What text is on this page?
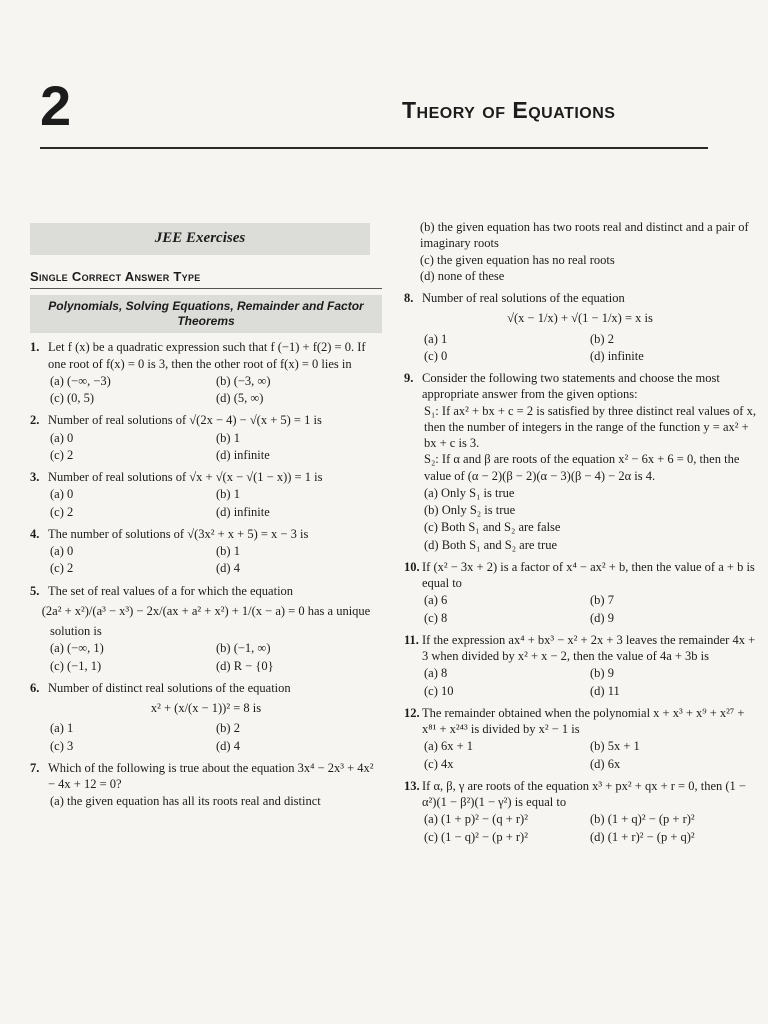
2	Theory of Equations
JEE Exercises
Single Correct Answer Type
Polynomials, Solving Equations, Remainder and Factor Theorems
1. Let f (x) be a quadratic expression such that f (−1) + f(2) = 0. If one root of f(x) = 0 is 3, then the other root of f(x) = 0 lies in
(a) (−∞, −3)	(b) (−3, ∞)
(c) (0, 5)	(d) (5, ∞)
2. Number of real solutions of √(2x − 4) − √(x + 5) = 1 is
(a) 0	(b) 1
(c) 2	(d) infinite
3. Number of real solutions of √x + √(x − √(1 − x)) = 1 is
(a) 0	(b) 1
(c) 2	(d) infinite
4. The number of solutions of √(3x² + x + 5) = x − 3 is
(a) 0	(b) 1
(c) 2	(d) 4
5. The set of real values of a for which the equation
(2a² + x²)/(a³ − x³) − 2x/(ax + a² + x²) + 1/(x − a) = 0 has a unique
solution is
(a) (−∞, 1)	(b) (−1, ∞)
(c) (−1, 1)	(d) R − {0}
6. Number of distinct real solutions of the equation
x² + (x/(x − 1))² = 8 is
(a) 1	(b) 2
(c) 3	(d) 4
7. Which of the following is true about the equation 3x⁴ − 2x³ + 4x² − 4x + 12 = 0?
(a) the given equation has all its roots real and distinct
(b) the given equation has two roots real and distinct and a pair of imaginary roots
(c) the given equation has no real roots
(d) none of these
8. Number of real solutions of the equation
√(x − 1/x) + √(1 − 1/x) = x is
(a) 1	(b) 2
(c) 0	(d) infinite
9. Consider the following two statements and choose the most appropriate answer from the given options:
S₁: If ax² + bx + c = 2 is satisfied by three distinct real values of x, then the number of integers in the range of the function y = ax² + bx + c is 3.
S₂: If α and β are roots of the equation x² − 6x + 6 = 0, then the value of (α − 2)(β − 2)(α − 3)(β − 4) − 2α is 4.
(a) Only S₁ is true
(b) Only S₂ is true
(c) Both S₁ and S₂ are false
(d) Both S₁ and S₂ are true
10. If (x² − 3x + 2) is a factor of x⁴ − ax² + b, then the value of a + b is equal to
(a) 6	(b) 7
(c) 8	(d) 9
11. If the expression ax⁴ + bx³ − x² + 2x + 3 leaves the remainder 4x + 3 when divided by x² + x − 2, then the value of 4a + 3b is
(a) 8	(b) 9
(c) 10	(d) 11
12. The remainder obtained when the polynomial x + x³ + x⁹ + x²⁷ + x⁸¹ + x²⁴³ is divided by x² − 1 is
(a) 6x + 1	(b) 5x + 1
(c) 4x	(d) 6x
13. If α, β, γ are roots of the equation x³ + px² + qx + r = 0, then (1 − α²)(1 − β²)(1 − γ²) is equal to
(a) (1 + p)² − (q + r)²	(b) (1 + q)² − (p + r)²
(c) (1 − q)² − (p + r)²	(d) (1 + r)² − (p + q)²
